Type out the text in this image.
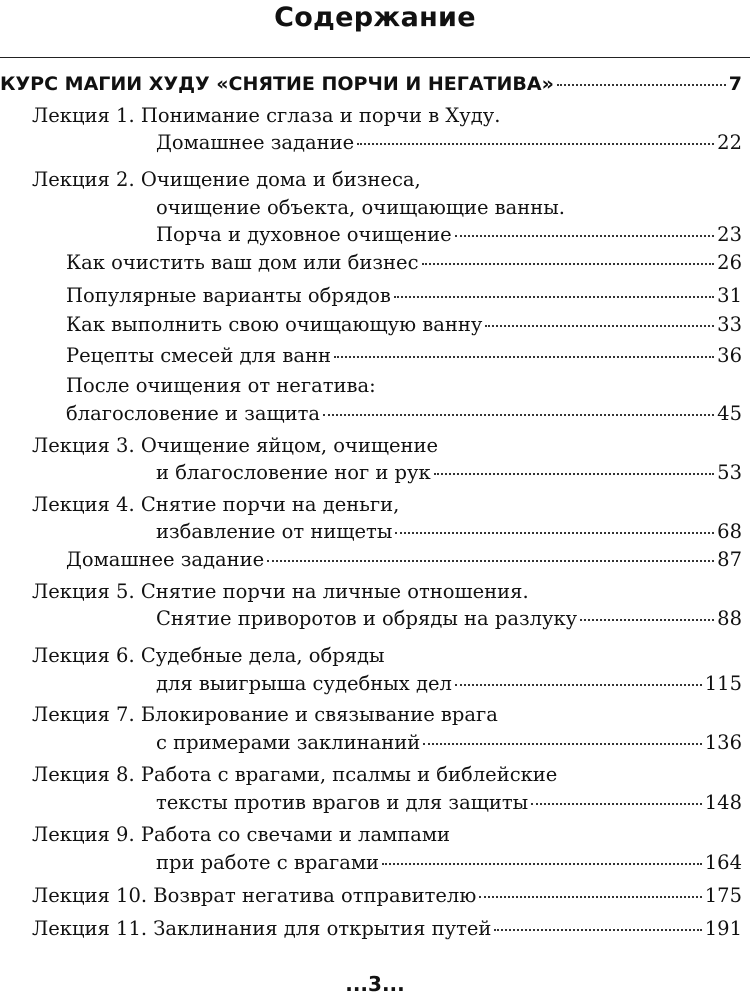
Содержание
КУРС МАГИИ ХУДУ «СНЯТИЕ ПОРЧИ И НЕГАТИВА»	7
Лекция 1. Понимание сглаза и порчи в Худу.
Домашнее задание	22
Лекция 2. Очищение дома и бизнеса,
очищение объекта, очищающие ванны.
Порча и духовное очищение	23
Как очистить ваш дом или бизнес	26
Популярные варианты обрядов	31
Как выполнить свою очищающую ванну	33
Рецепты смесей для ванн	36
После очищения от негатива:
благословение и защита	45
Лекция 3. Очищение яйцом, очищение
и благословение ног и рук	53
Лекция 4. Снятие порчи на деньги,
избавление от нищеты	68
Домашнее задание	87
Лекция 5. Снятие порчи на личные отношения.
Снятие приворотов и обряды на разлуку	88
Лекция 6. Судебные дела, обряды
для выигрыша судебных дел	115
Лекция 7. Блокирование и связывание врага
с примерами заклинаний	136
Лекция 8. Работа с врагами, псалмы и библейские
тексты против врагов и для защиты	148
Лекция 9. Работа со свечами и лампами
при работе с врагами	164
Лекция 10. Возврат негатива отправителю	175
Лекция 11. Заклинания для открытия путей	191
...3...
